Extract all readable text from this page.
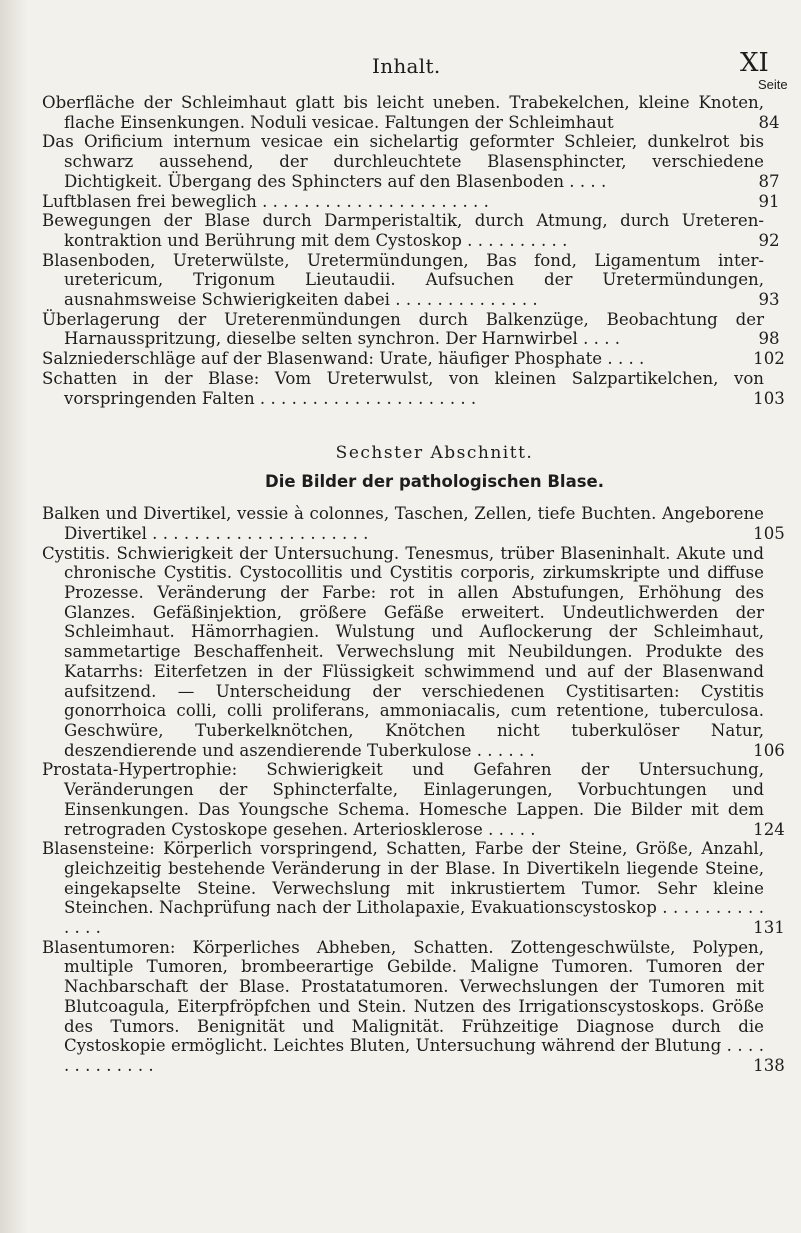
Inhalt.	XI
Seite
Oberfläche der Schleimhaut glatt bis leicht uneben. Trabekelchen, kleine Knoten, flache Einsenkungen. Noduli vesicae. Faltungen der Schleimhaut	84
Das Orificium internum vesicae ein sichelartig geformter Schleier, dunkelrot bis schwarz aussehend, der durchleuchtete Blasensphincter, verschiedene Dichtigkeit. Übergang des Sphincters auf den Blasenboden . . . .	87
Luftblasen frei beweglich . . . . . . . . . . . . . . . . . . . . . .	91
Bewegungen der Blase durch Darmperistaltik, durch Atmung, durch Ureteren-kontraktion und Berührung mit dem Cystoskop . . . . . . . . . .	92
Blasenboden, Ureterwülste, Uretermündungen, Bas fond, Ligamentum inter-uretericum, Trigonum Lieutaudii. Aufsuchen der Uretermündungen, ausnahmsweise Schwierigkeiten dabei . . . . . . . . . . . . . .	93
Überlagerung der Ureterenmündungen durch Balkenzüge, Beobachtung der Harnausspritzung, dieselbe selten synchron. Der Harnwirbel . . . .	98
Salzniederschläge auf der Blasenwand: Urate, häufiger Phosphate . . . .	102
Schatten in der Blase: Vom Ureterwulst, von kleinen Salzpartikelchen, von vorspringenden Falten . . . . . . . . . . . . . . . . . . . . .	103
Sechster Abschnitt.
Die Bilder der pathologischen Blase.
Balken und Divertikel, vessie à colonnes, Taschen, Zellen, tiefe Buchten. Angeborene Divertikel . . . . . . . . . . . . . . . . . . . . .	105
Cystitis. Schwierigkeit der Untersuchung. Tenesmus, trüber Blaseninhalt. Akute und chronische Cystitis. Cystocollitis und Cystitis corporis, zirkumskripte und diffuse Prozesse. Veränderung der Farbe: rot in allen Abstufungen, Erhöhung des Glanzes. Gefäßinjektion, größere Gefäße erweitert. Undeutlichwerden der Schleimhaut. Hämorrhagien. Wulstung und Auflockerung der Schleimhaut, sammetartige Beschaffenheit. Verwechslung mit Neubildungen. Produkte des Katarrhs: Eiterfetzen in der Flüssigkeit schwimmend und auf der Blasenwand aufsitzend. — Unterscheidung der verschiedenen Cystitisarten: Cystitis gonorrhoica colli, colli proliferans, ammoniacalis, cum retentione, tuberculosa. Geschwüre, Tuberkelknötchen, Knötchen nicht tuberkulöser Natur, deszendierende und aszendierende Tuberkulose . . . . . .	106
Prostata-Hypertrophie: Schwierigkeit und Gefahren der Untersuchung, Veränderungen der Sphincterfalte, Einlagerungen, Vorbuchtungen und Einsenkungen. Das Youngsche Schema. Homesche Lappen. Die Bilder mit dem retrograden Cystoskope gesehen. Arteriosklerose . . . . .	124
Blasensteine: Körperlich vorspringend, Schatten, Farbe der Steine, Größe, Anzahl, gleichzeitig bestehende Veränderung in der Blase. In Divertikeln liegende Steine, eingekapselte Steine. Verwechslung mit inkrustiertem Tumor. Sehr kleine Steinchen. Nachprüfung nach der Litholapaxie, Evakuationscystoskop . . . . . . . . . . . . . .	131
Blasentumoren: Körperliches Abheben, Schatten. Zottengeschwülste, Polypen, multiple Tumoren, brombeerartige Gebilde. Maligne Tumoren. Tumoren der Nachbarschaft der Blase. Prostatatumoren. Verwechslungen der Tumoren mit Blutcoagula, Eiterpfröpfchen und Stein. Nutzen des Irrigationscystoskops. Größe des Tumors. Benignität und Malignität. Frühzeitige Diagnose durch die Cystoskopie ermöglicht. Leichtes Bluten, Untersuchung während der Blutung . . . . . . . . . . . . .	138
